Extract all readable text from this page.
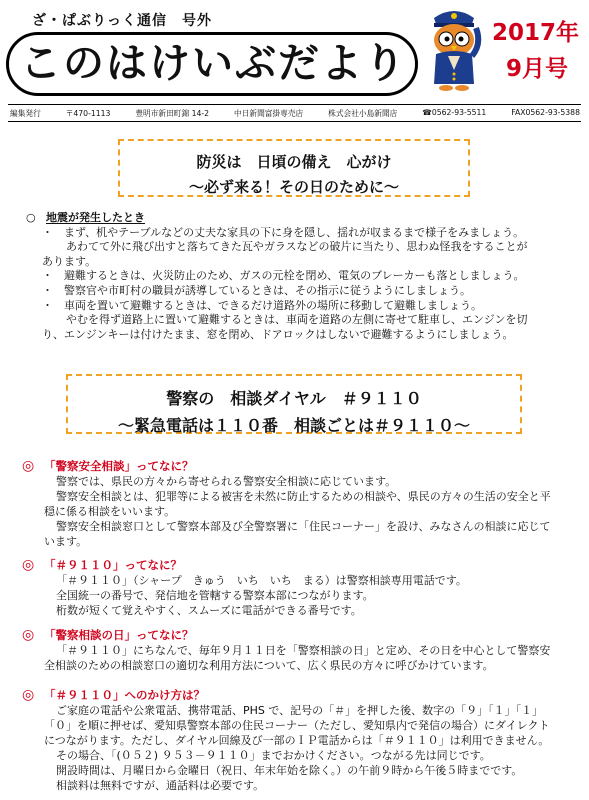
ざ・ぱぶりっく通信　号外
このはけいぶだより
2017年
9月号
編集発行	〒470-1113	豊明市新田町錦 14-2	中日新聞富掛専売店	株式会社小島新聞店	☎0562-93-5511	FAX0562-93-5388
防災は　日頃の備え　心がけ
～必ず来る！その日のために～

○ 地震が発生したとき

・　まず、机やテーブルなどの丈夫な家具の下に身を隠し、揺れが収まるまで様子をみましょう。

あわてて外に飛び出すと落ちてきた瓦やガラスなどの破片に当たり、思わぬ怪我をすることが

あります。

・　避難するときは、火災防止のため、ガスの元栓を閉め、電気のブレーカーも落としましょう。

・　警察官や市町村の職員が誘導しているときは、その指示に従うようにしましょう。

・　車両を置いて避難するときは、できるだけ道路外の場所に移動して避難しましょう。

やむを得ず道路上に置いて避難するときは、車両を道路の左側に寄せて駐車し、エンジンを切

り、エンジンキーは付けたまま、窓を閉め、ドアロックはしないで避難するようにしましょう。

警察の　相談ダイヤル　＃９１１０
～緊急電話は１１０番　相談ごとは＃９１１０～
◎ 「警察安全相談」ってなに？

警察では、県民の方々から寄せられる警察安全相談に応じています。

警察安全相談とは、犯罪等による被害を未然に防止するための相談や、県民の方々の生活の安全と平

穏に係る相談をいいます。

警察安全相談窓口として警察本部及び全警察署に「住民コーナー」を設け、みなさんの相談に応じて

います。

◎ 「＃９１１０」ってなに？

「＃９１１０」（シャープ　きゅう　いち　いち　まる）は警察相談専用電話です。

全国統一の番号で、発信地を管轄する警察本部につながります。

桁数が短くて覚えやすく、スムーズに電話ができる番号です。

◎ 「警察相談の日」ってなに？

「＃９１１０」にちなんで、毎年９月１１日を「警察相談の日」と定め、その日を中心として警察安

全相談のための相談窓口の適切な利用方法について、広く県民の方々に呼びかけています。

◎ 「＃９１１０」へのかけ方は？

ご家庭の電話や公衆電話、携帯電話、PHS で、記号の「＃」を押した後、数字の「９」「１」「１」

「０」を順に押せば、愛知県警察本部の住民コーナー（ただし、愛知県内で発信の場合）にダイレクト

につながります。ただし、ダイヤル回線及び一部のＩＰ電話からは「＃９１１０」は利用できません。

その場合、「(０５２) ９５３－９１１０」までおかけください。つながる先は同じです。

開設時間は、月曜日から金曜日（祝日、年末年始を除く。）の午前９時から午後５時までです。

相談料は無料ですが、通話料は必要です。
